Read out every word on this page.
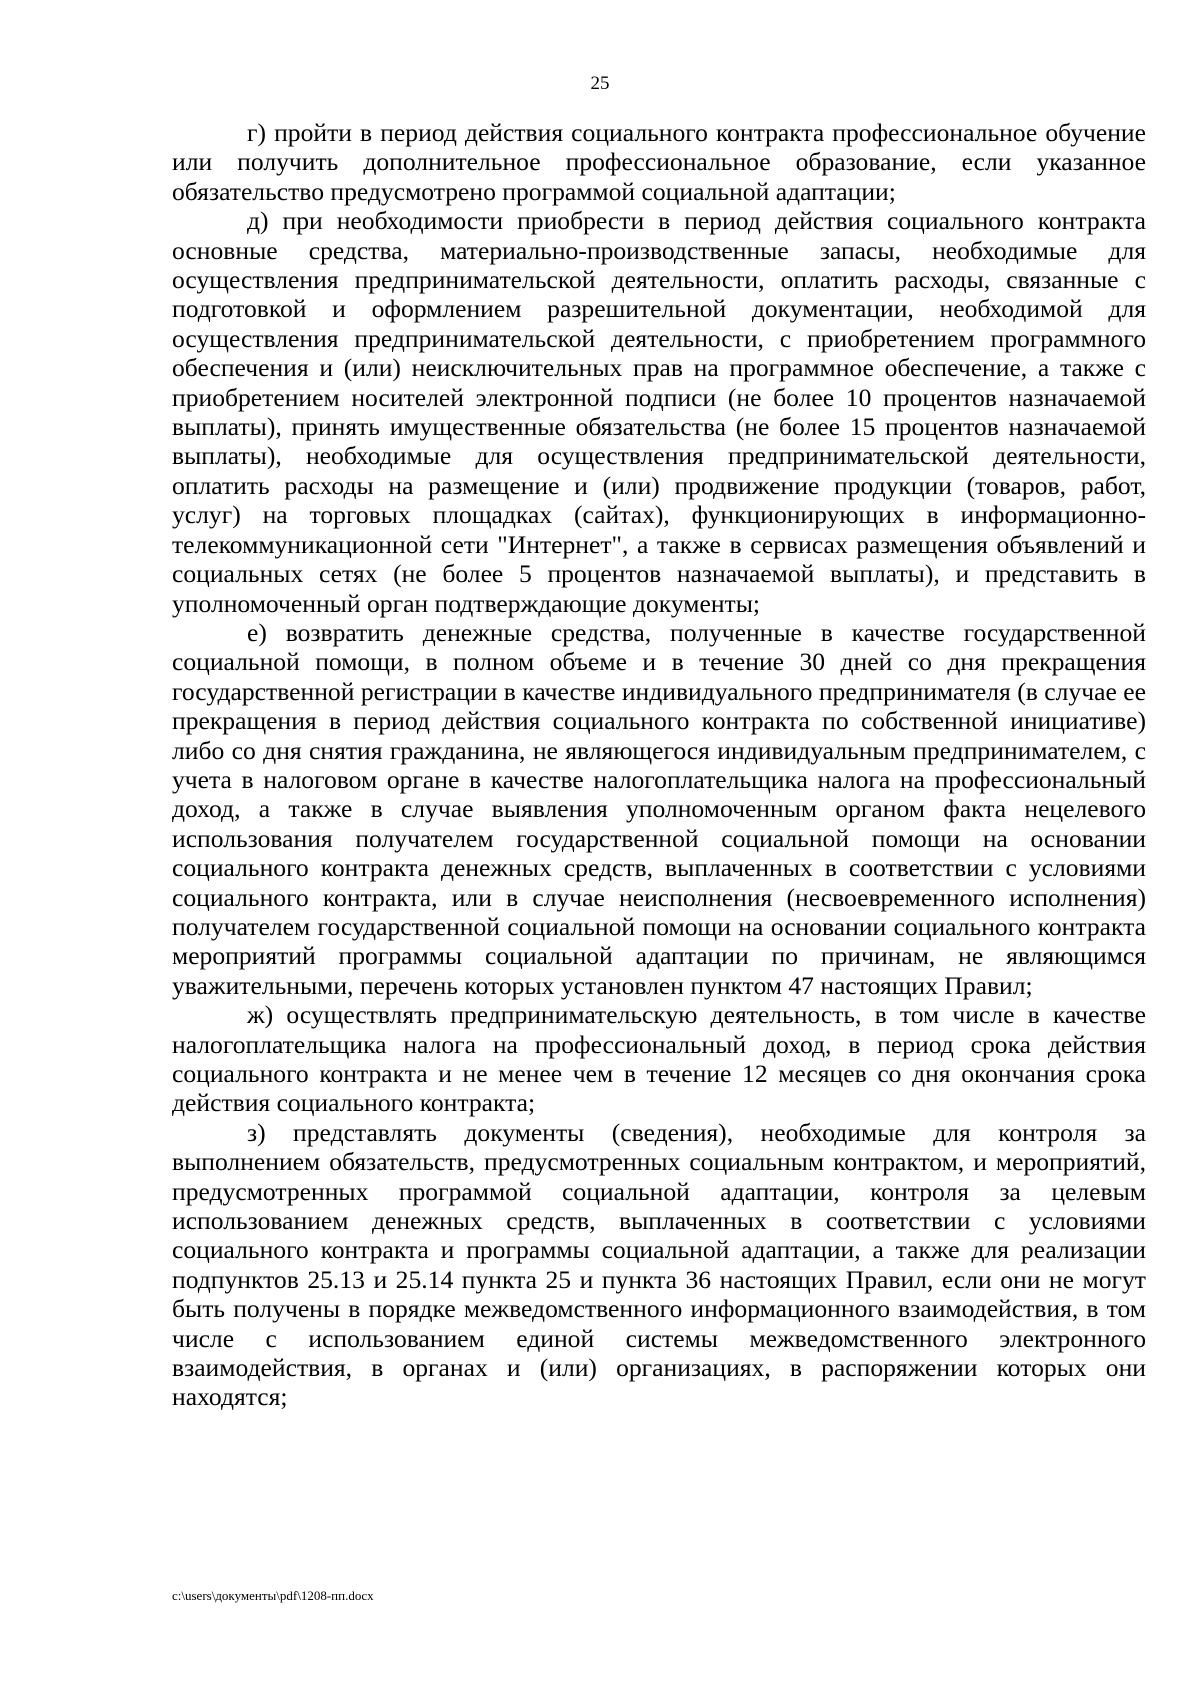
25

г) пройти в период действия социального контракта профессиональное обучение или получить дополнительное профессиональное образование, если указанное обязательство предусмотрено программой социальной адаптации;

д) при необходимости приобрести в период действия социального контракта основные средства, материально-производственные запасы, необходимые для осуществления предпринимательской деятельности, оплатить расходы, связанные с подготовкой и оформлением разрешительной документации, необходимой для осуществления предпринимательской деятельности, с приобретением программного обеспечения и (или) неисключительных прав на программное обеспечение, а также с приобретением носителей электронной подписи (не более 10 процентов назначаемой выплаты), принять имущественные обязательства (не более 15 процентов назначаемой выплаты), необходимые для осуществления предпринимательской деятельности, оплатить расходы на размещение и (или) продвижение продукции (товаров, работ, услуг) на торговых площадках (сайтах), функционирующих в информационно-телекоммуникационной сети "Интернет", а также в сервисах размещения объявлений и социальных сетях (не более 5 процентов назначаемой выплаты), и представить в уполномоченный орган подтверждающие документы;

е) возвратить денежные средства, полученные в качестве государственной социальной помощи, в полном объеме и в течение 30 дней со дня прекращения государственной регистрации в качестве индивидуального предпринимателя (в случае ее прекращения в период действия социального контракта по собственной инициативе) либо со дня снятия гражданина, не являющегося индивидуальным предпринимателем, с учета в налоговом органе в качестве налогоплательщика налога на профессиональный доход, а также в случае выявления уполномоченным органом факта нецелевого использования получателем государственной социальной помощи на основании социального контракта денежных средств, выплаченных в соответствии с условиями социального контракта, или в случае неисполнения (несвоевременного исполнения) получателем государственной социальной помощи на основании социального контракта мероприятий программы социальной адаптации по причинам, не являющимся уважительными, перечень которых установлен пунктом 47 настоящих Правил;

ж) осуществлять предпринимательскую деятельность, в том числе в качестве налогоплательщика налога на профессиональный доход, в период срока действия социального контракта и не менее чем в течение 12 месяцев со дня окончания срока действия социального контракта;

з) представлять документы (сведения), необходимые для контроля за выполнением обязательств, предусмотренных социальным контрактом, и мероприятий, предусмотренных программой социальной адаптации, контроля за целевым использованием денежных средств, выплаченных в соответствии с условиями социального контракта и программы социальной адаптации, а также для реализации подпунктов 25.13 и 25.14 пункта 25 и пункта 36 настоящих Правил, если они не могут быть получены в порядке межведомственного информационного взаимодействия, в том числе с использованием единой системы межведомственного электронного взаимодействия, в органах и (или) организациях, в распоряжении которых они находятся;

c:\users\документы\pdf\1208-пп.docx
